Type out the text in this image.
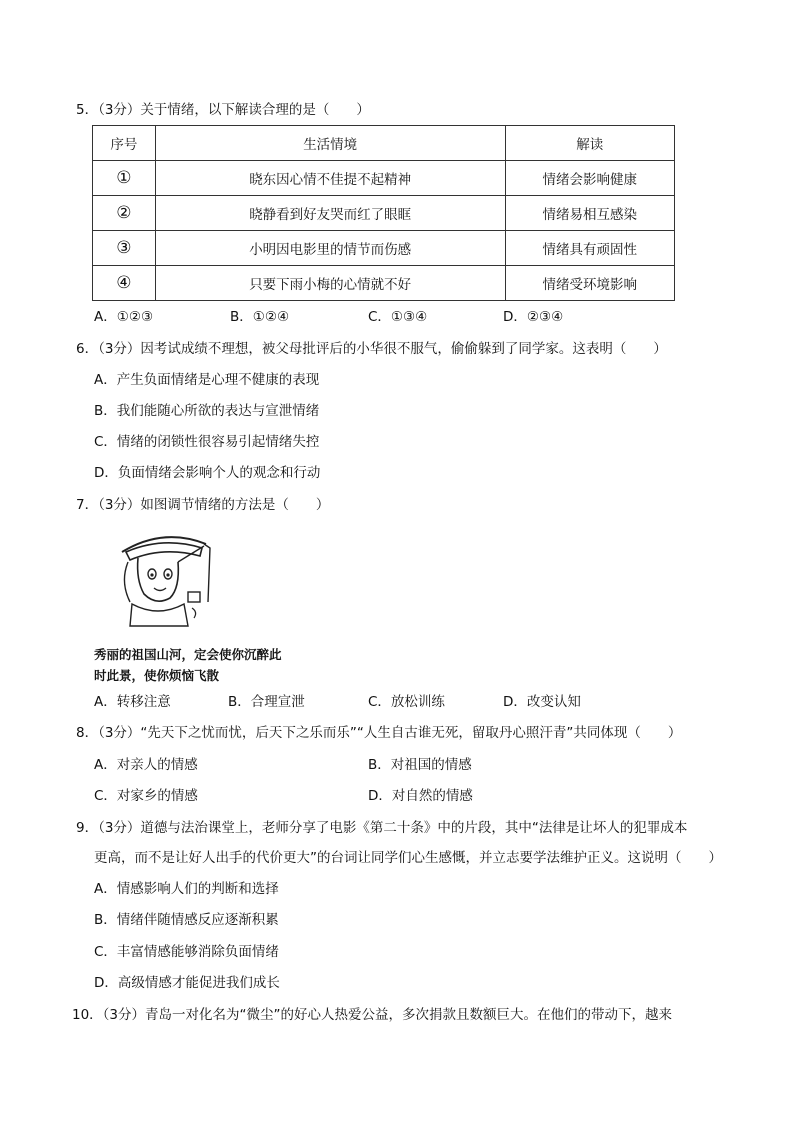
5．（3分）关于情绪，以下解读合理的是（　　）
序号	生活情境	解读
①	晓东因心情不佳提不起精神	情绪会影响健康
②	晓静看到好友哭而红了眼眶	情绪易相互感染
③	小明因电影里的情节而伤感	情绪具有顽固性
④	只要下雨小梅的心情就不好	情绪受环境影响
A．①②③	B．①②④	C．①③④	D．②③④
6．（3分）因考试成绩不理想，被父母批评后的小华很不服气，偷偷躲到了同学家。这表明（　　）
A．产生负面情绪是心理不健康的表现
B．我们能随心所欲的表达与宣泄情绪
C．情绪的闭锁性很容易引起情绪失控
D．负面情绪会影响个人的观念和行动
7．（3分）如图调节情绪的方法是（　　）
秀丽的祖国山河，定会使你沉醉此
时此景，使你烦恼飞散
A．转移注意	B．合理宣泄	C．放松训练	D．改变认知
8．（3分）“先天下之忧而忧，后天下之乐而乐”“人生自古谁无死，留取丹心照汗青”共同体现（　　）
A．对亲人的情感	B．对祖国的情感
C．对家乡的情感	D．对自然的情感
9．（3分）道德与法治课堂上，老师分享了电影《第二十条》中的片段，其中“法律是让坏人的犯罪成本
更高，而不是让好人出手的代价更大”的台词让同学们心生感慨，并立志要学法维护正义。这说明（　　）
A．情感影响人们的判断和选择
B．情绪伴随情感反应逐渐积累
C．丰富情感能够消除负面情绪
D．高级情感才能促进我们成长
10．（3分）青岛一对化名为“微尘”的好心人热爱公益，多次捐款且数额巨大。在他们的带动下，越来
